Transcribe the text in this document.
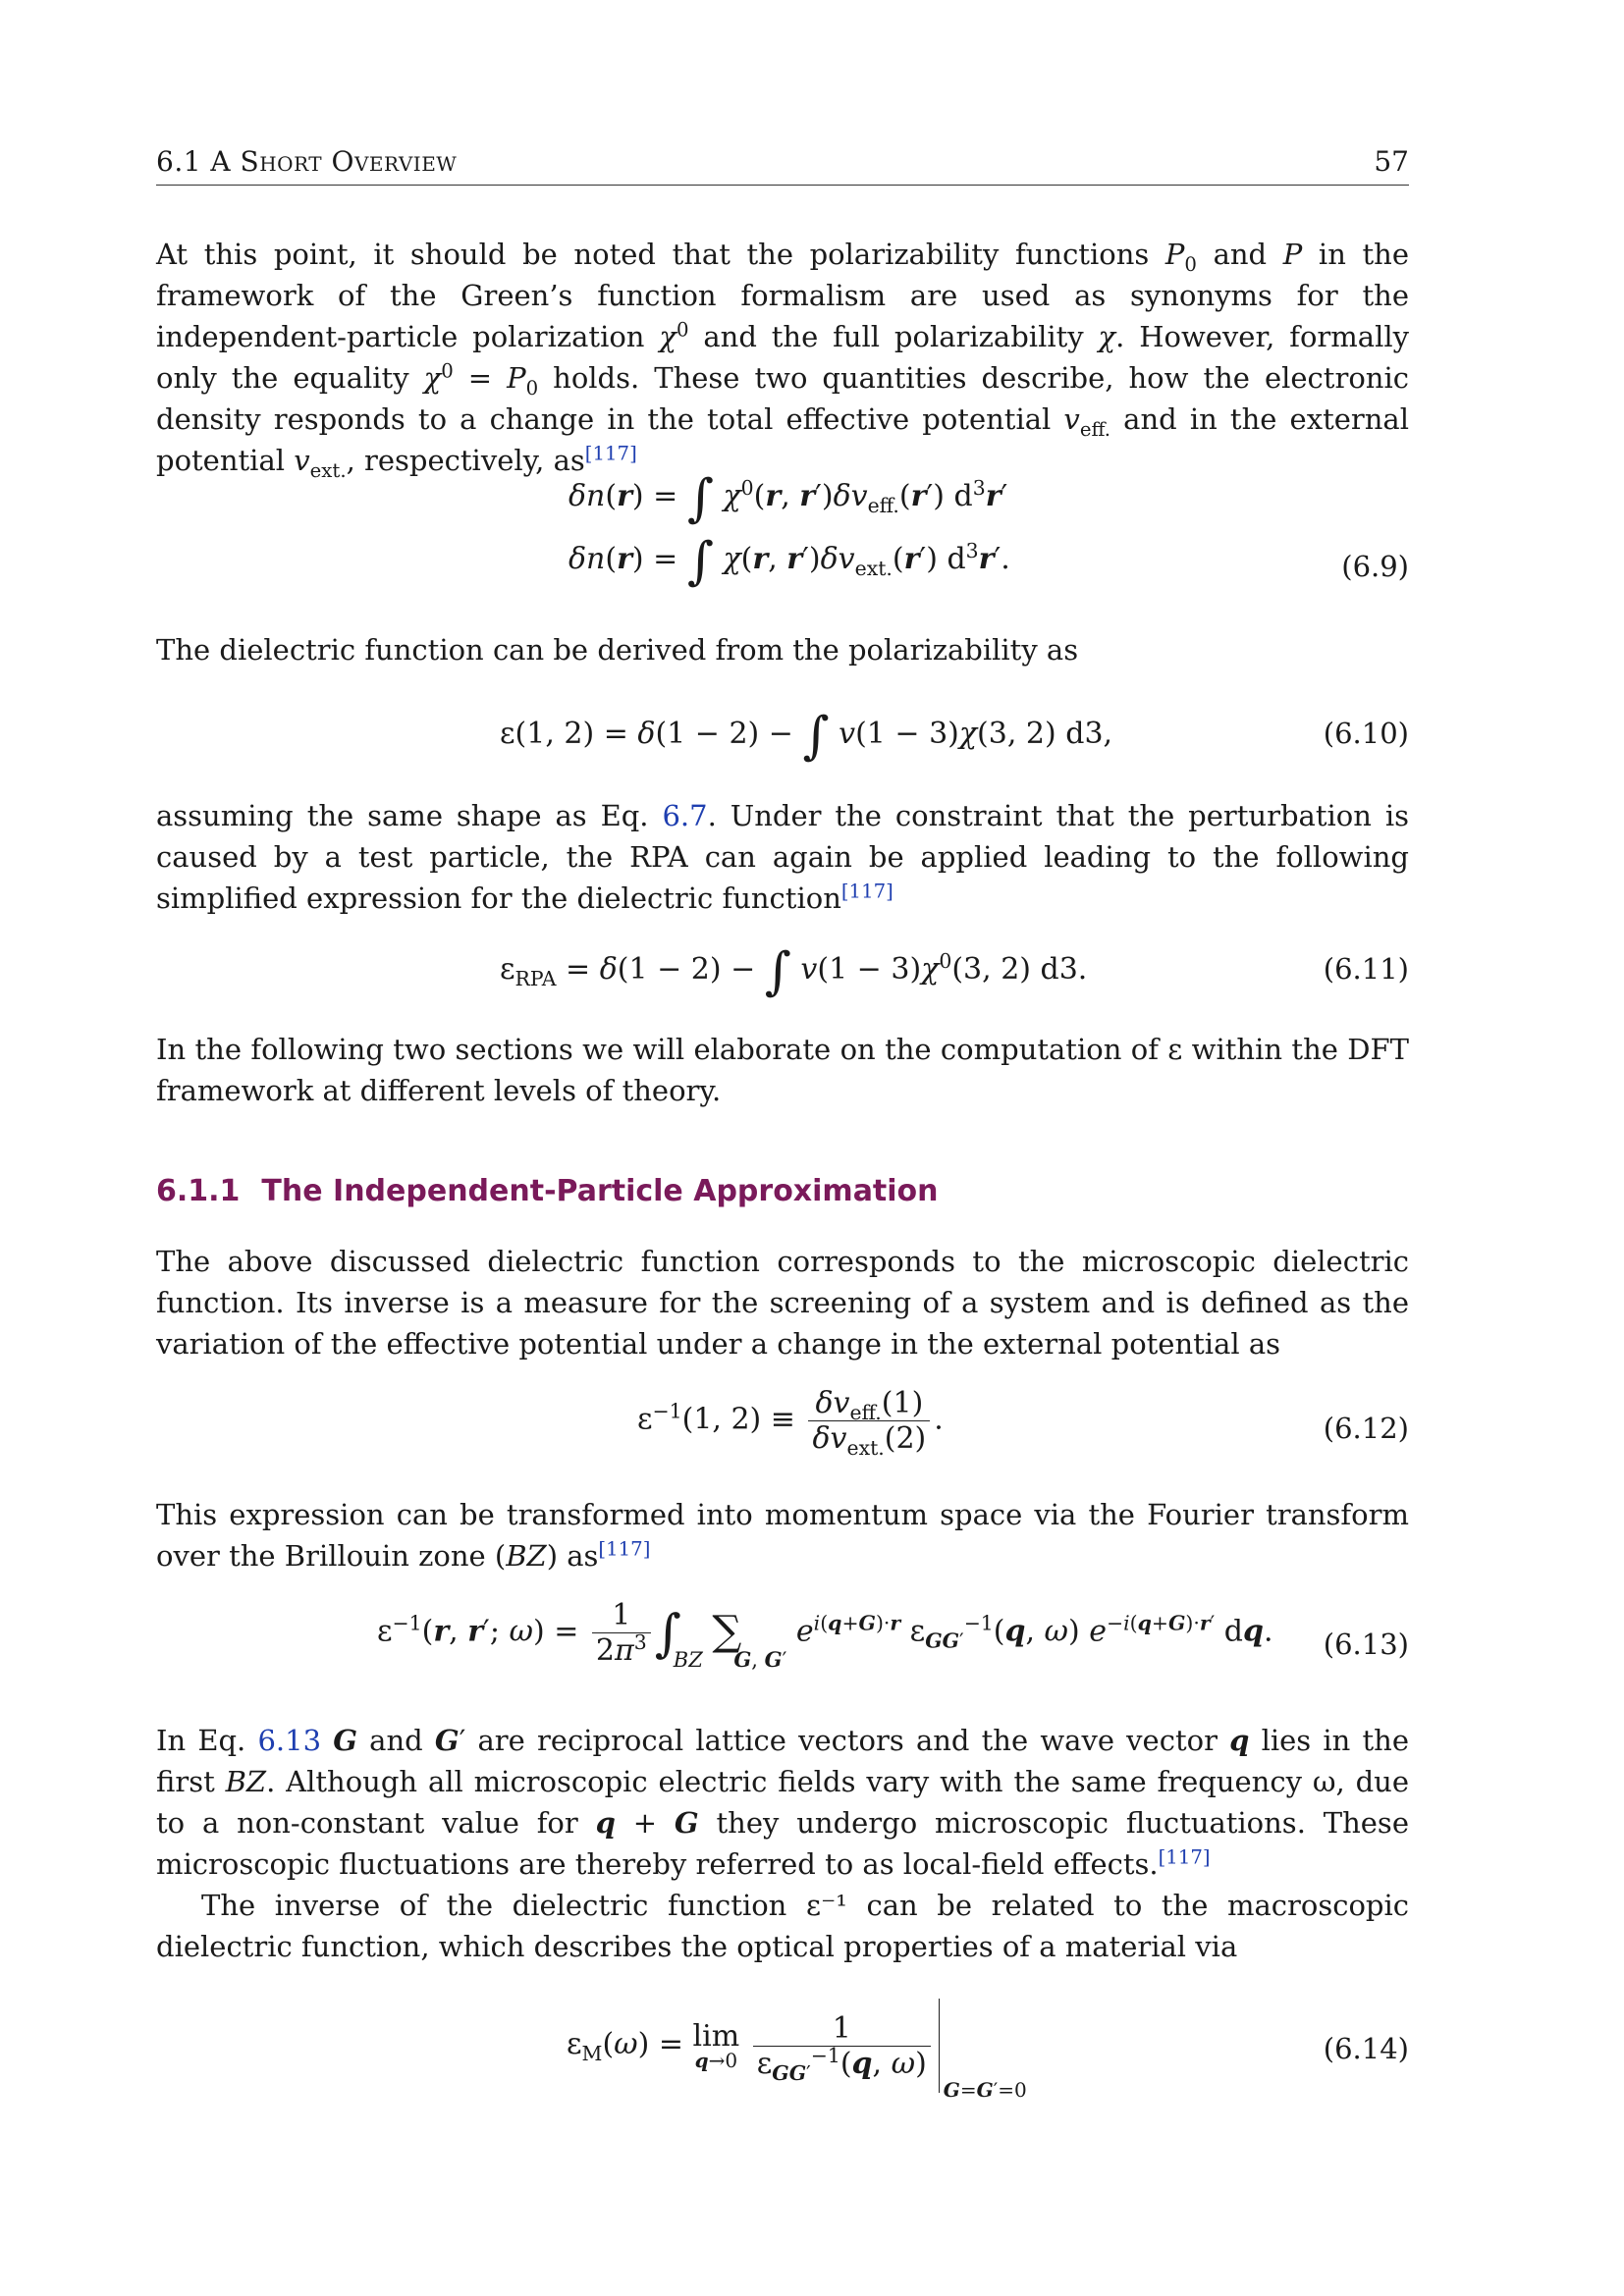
6.1 A Short Overview	57

At this point, it should be noted that the polarizability functions $P_0$ and P in the framework of the Green’s function formalism are used as synonyms for the independent-particle polarization $\chi^0$ and the full polarizability χ. However, formally only the equality $\chi^0 = P_0$ holds. These two quantities describe, how the electronic density responds to a change in the total effective potential $v_{eff.}$ and in the external potential $v_{ext.}$, respectively, as[117]

δn(r) = ∫ $\chi^0(r$, $r')\delta v_{eff.}(r')$ $d^3r'$
δn(r) = ∫ χ(r, $r')\delta v_{ext.}(r')$ $d^3r'$.	(6.9)

The dielectric function can be derived from the polarizability as

ε(1, 2) = δ(1 − 2) − ∫ v(1 − 3)χ(3, 2) d3,	(6.10)

assuming the same shape as Eq. 6.7. Under the constraint that the perturbation is caused by a test particle, the RPA can again be applied leading to the following simplified expression for the dielectric function[117]

$\varepsilon_{RPA} = \delta(1 - 2)$ − ∫ $v(1 - 3)\chi^0(3$, 2) d3.	(6.11)

In the following two sections we will elaborate on the computation of ε within the DFT framework at different levels of theory.

6.1.1 The Independent-Particle Approximation

The above discussed dielectric function corresponds to the microscopic dielectric function. Its inverse is a measure for the screening of a system and is defined as the variation of the effective potential under a change in the external potential as

$\varepsilon^{-1}(1$, $2) \equiv \frac{\delta v_{eff.}(1)}{\delta v_{ext.}(2)}$ .	(6.12)

This expression can be transformed into momentum space via the Fourier transform over the Brillouin zone (BZ) as[117]

$\varepsilon^{-1}(r$, r′; $\omega) = \frac{1}{2\pi^3} \int BZ$ ∑G, G′ $e^{i(q+G)\cdot r}$ $\varepsilon_{GG'}^{-1}(q$, ω) $e^{-i(q+G)\cdot r'}$ dq. (6.13)

In Eq. 6.13 G and G′ are reciprocal lattice vectors and the wave vector q lies in the first BZ. Although all microscopic electric fields vary with the same frequency ω, due to a non-constant value for q + G they undergo microscopic fluctuations. These microscopic fluctuations are thereby referred to as local-field effects.[117]

The inverse of the dielectric function ε⁻¹ can be related to the macroscopic dielectric function, which describes the optical properties of a material via

$\varepsilon_M(\omega) = \lim$
q→0
$\frac{1}{\varepsilon_{GG'}^{-1}(q, \omega)}$
G=G′=0
(6.14)
